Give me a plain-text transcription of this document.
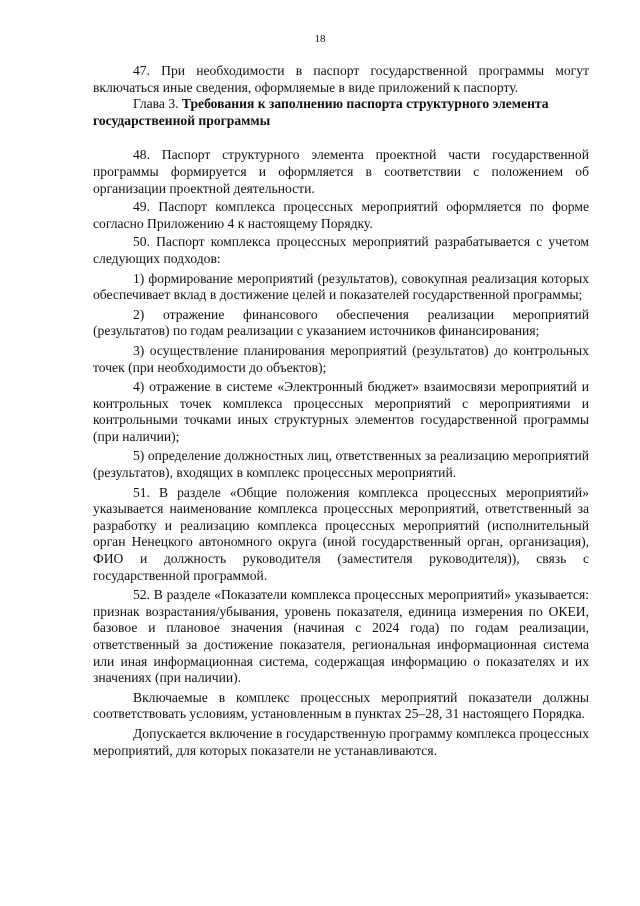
18

47. При необходимости в паспорт государственной программы могут включаться иные сведения, оформляемые в виде приложений к паспорту.

Глава 3. Требования к заполнению паспорта структурного элемента государственной программы

48. Паспорт структурного элемента проектной части государственной программы формируется и оформляется в соответствии с положением об организации проектной деятельности.

49. Паспорт комплекса процессных мероприятий оформляется по форме согласно Приложению 4 к настоящему Порядку.

50. Паспорт комплекса процессных мероприятий разрабатывается с учетом следующих подходов:

1) формирование мероприятий (результатов), совокупная реализация которых обеспечивает вклад в достижение целей и показателей государственной программы;

2) отражение финансового обеспечения реализации мероприятий (результатов) по годам реализации с указанием источников финансирования;

3) осуществление планирования мероприятий (результатов) до контрольных точек (при необходимости до объектов);

4) отражение в системе «Электронный бюджет» взаимосвязи мероприятий и контрольных точек комплекса процессных мероприятий с мероприятиями и контрольными точками иных структурных элементов государственной программы (при наличии);

5) определение должностных лиц, ответственных за реализацию мероприятий (результатов), входящих в комплекс процессных мероприятий.

51. В разделе «Общие положения комплекса процессных мероприятий» указывается наименование комплекса процессных мероприятий, ответственный за разработку и реализацию комплекса процессных мероприятий (исполнительный орган Ненецкого автономного округа (иной государственный орган, организация), ФИО и должность руководителя (заместителя руководителя)), связь с государственной программой.

52. В разделе «Показатели комплекса процессных мероприятий» указывается: признак возрастания/убывания, уровень показателя, единица измерения по ОКЕИ, базовое и плановое значения (начиная с 2024 года) по годам реализации, ответственный за достижение показателя, региональная информационная система или иная информационная система, содержащая информацию о показателях и их значениях (при наличии).

Включаемые в комплекс процессных мероприятий показатели должны соответствовать условиям, установленным в пунктах 25–28, 31 настоящего Порядка.

Допускается включение в государственную программу комплекса процессных мероприятий, для которых показатели не устанавливаются.
